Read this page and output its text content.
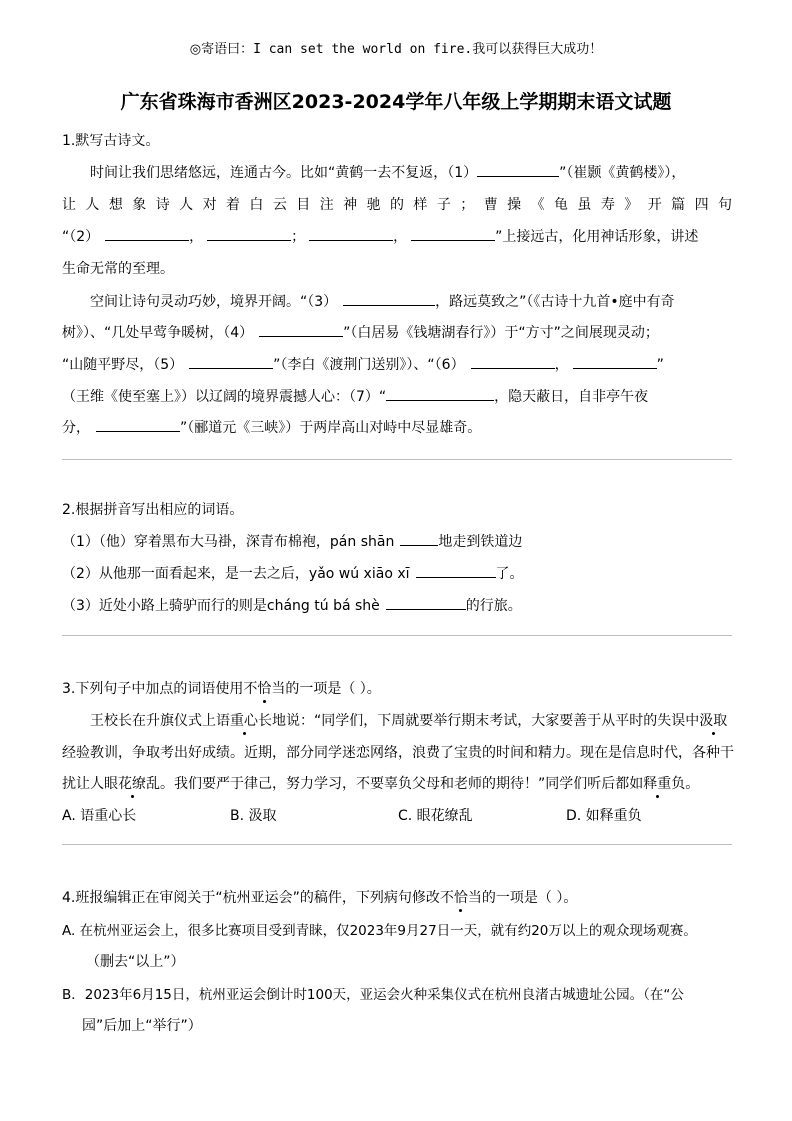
◎寄语曰：I can set the world on fire.我可以获得巨大成功！
广东省珠海市香洲区2023-2024学年八年级上学期期末语文试题
1.默写古诗文。
时间让我们思绪悠远，连通古今。比如“黄鹤一去不复返，（1）	”（崔颢《黄鹤楼》），
让人想象诗人对着白云目注神驰的样子；曹操《龟虽寿》开篇四句
“（2）	，	；	，	”上接远古，化用神话形象，讲述
生命无常的至理。
空间让诗句灵动巧妙，境界开阔。“（3）	，路远莫致之”（《古诗十九首•庭中有奇
树》）、“几处早莺争暖树，（4）	”（白居易《钱塘湖春行》）于“方寸”之间展现灵动；
“山随平野尽，（5）	”（李白《渡荆门送别》）、“（6）	，	”
（王维《使至塞上》）以辽阔的境界震撼人心：（7）“	，隐天蔽日，自非亭午夜
分，	”（郦道元《三峡》）于两岸高山对峙中尽显雄奇。
2.根据拼音写出相应的词语。
（1）（他）穿着黑布大马褂，深青布棉袍，pán shān	地走到铁道边
（2）从他那一面看起来，是一去之后，yǎo wú xiāo xī	了。
（3）近处小路上骑驴而行的则是cháng tú bá shè	的行旅。
3.下列句子中加点的词语使用不恰当的一项是（ ）。
王校长在升旗仪式上语重心长地说：“同学们，下周就要举行期末考试，大家要善于从平时的失误中汲取
经验教训，争取考出好成绩。近期，部分同学迷恋网络，浪费了宝贵的时间和精力。现在是信息时代，各种干
扰让人眼花缭乱。我们要严于律己，努力学习，不要辜负父母和老师的期待！”同学们听后都如释重负。
A. 语重心长	B. 汲取	C. 眼花缭乱	D. 如释重负
4.班报编辑正在审阅关于“杭州亚运会”的稿件，下列病句修改不恰当的一项是（ ）。
A. 在杭州亚运会上，很多比赛项目受到青睐，仅2023年9月27日一天，就有约20万以上的观众现场观赛。
（删去“以上”）
B．2023年6月15日，杭州亚运会倒计时100天，亚运会火种采集仪式在杭州良渚古城遗址公园。（在“公
园”后加上“举行”）
